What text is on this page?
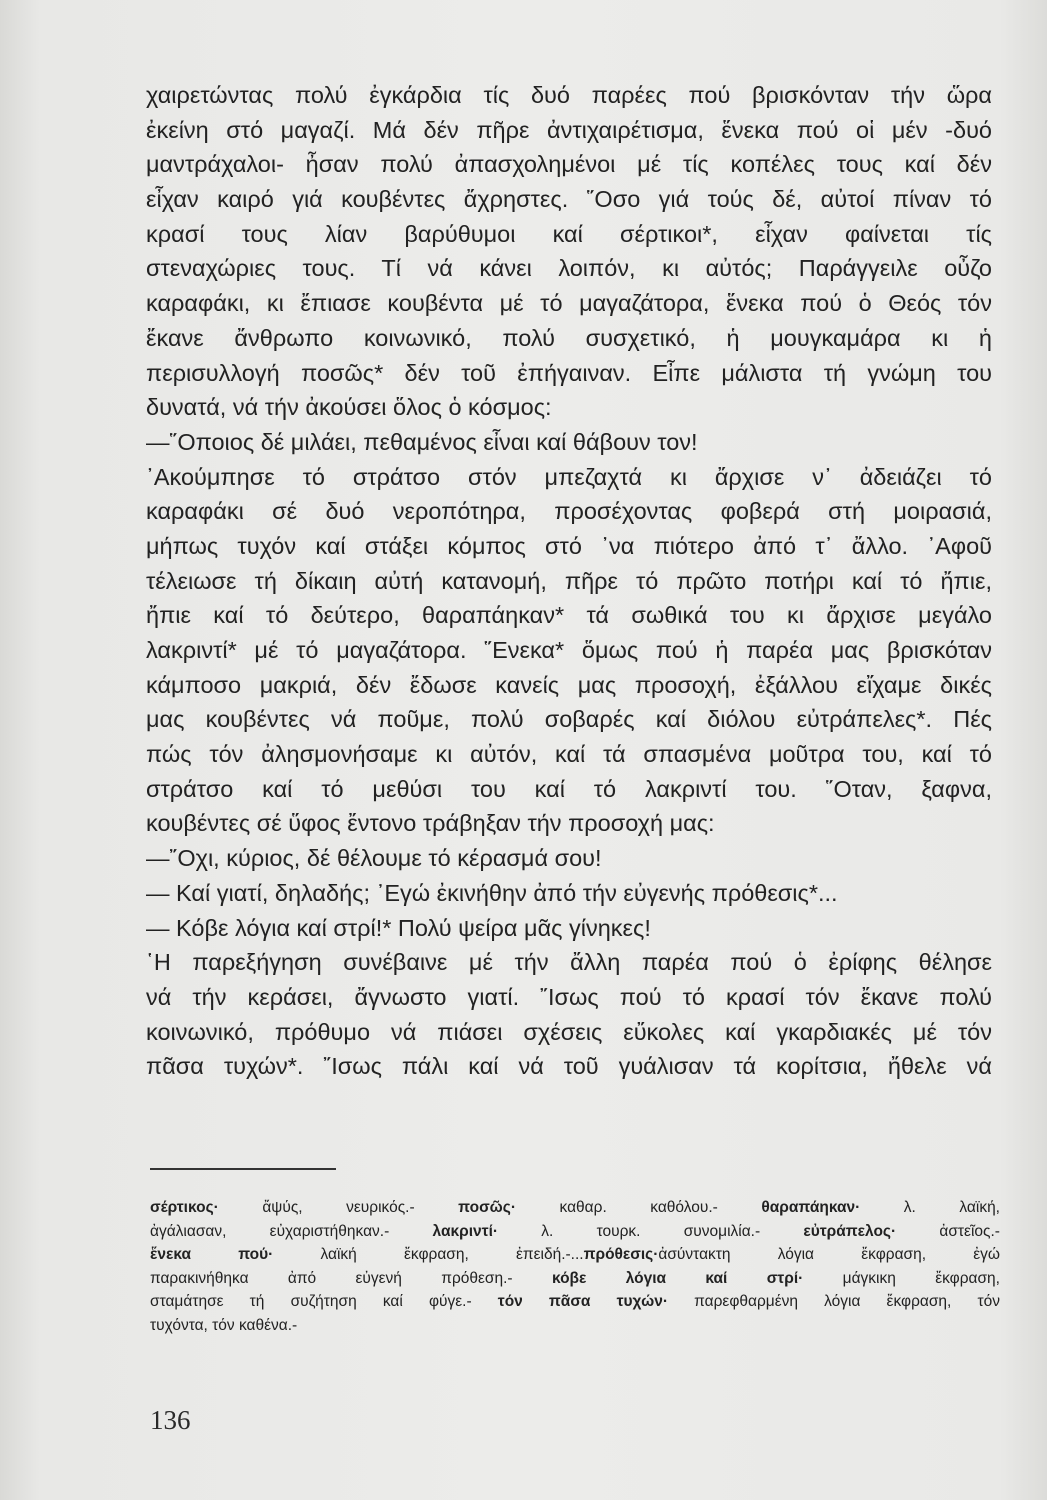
χαιρετώντας πολύ ἐγκάρδια τίς δυό παρέες πού βρισκόνταν τήν ὥρα
ἐκείνη στό μαγαζί. Μά δέν πῆρε ἀντιχαιρέτισμα, ἕνεκα πού οἱ μέν -δυό
μαντράχαλοι- ἦσαν πολύ ἀπασχολημένοι μέ τίς κοπέλες τους καί δέν
εἶχαν καιρό γιά κουβέντες ἄχρηστες. ῞Οσο γιά τούς δέ, αὐτοί πίναν τό
κρασί τους λίαν βαρύθυμοι καί σέρτικοι*, εἶχαν φαίνεται τίς
στεναχώριες τους. Τί νά κάνει λοιπόν, κι αὐτός; Παράγγειλε οὖζο
καραφάκι, κι ἔπιασε κουβέντα μέ τό μαγαζάτορα, ἕνεκα πού ὁ Θεός τόν
ἔκανε ἄνθρωπο κοινωνικό, πολύ συσχετικό, ἡ μουγκαμάρα κι ἡ
περισυλλογή ποσῶς* δέν τοῦ ἐπήγαιναν. Εἶπε μάλιστα τή γνώμη του
δυνατά, νά τήν ἀκούσει ὅλος ὁ κόσμος:
—῞Οποιος δέ μιλάει, πεθαμένος εἶναι καί θάβουν τον!
᾿Ακούμπησε τό στράτσο στόν μπεζαχτά κι ἄρχισε ν᾿ ἀδειάζει τό
καραφάκι σέ δυό νεροπότηρα, προσέχοντας φοβερά στή μοιρασιά,
μήπως τυχόν καί στάξει κόμπος στό ᾿να πιότερο ἀπό τ᾿ ἄλλο. ᾿Αφοῦ
τέλειωσε τή δίκαιη αὐτή κατανομή, πῆρε τό πρῶτο ποτήρι καί τό ἤπιε,
ἤπιε καί τό δεύτερο, θαραπάηκαν* τά σωθικά του κι ἄρχισε μεγάλο
λακριντί* μέ τό μαγαζάτορα. ῞Ενεκα* ὅμως πού ἡ παρέα μας βρισκόταν
κάμποσο μακριά, δέν ἔδωσε κανείς μας προσοχή, ἐξάλλου εἴχαμε δικές
μας κουβέντες νά ποῦμε, πολύ σοβαρές καί διόλου εὐτράπελες*. Πές
πώς τόν ἀλησμονήσαμε κι αὐτόν, καί τά σπασμένα μοῦτρα του, καί τό
στράτσο καί τό μεθύσι του καί τό λακριντί του. ῞Οταν, ξαφνα,
κουβέντες σέ ὕφος ἔντονο τράβηξαν τήν προσοχή μας:
—῎Οχι, κύριος, δέ θέλουμε τό κέρασμά σου!
— Καί γιατί, δηλαδής; ᾿Εγώ ἐκινήθην ἀπό τήν εὐγενής πρόθεσις*...
— Κόβε λόγια καί στρί!* Πολύ ψείρα μᾶς γίνηκες!
῾Η παρεξήγηση συνέβαινε μέ τήν ἄλλη παρέα πού ὁ ἐρίφης θέλησε
νά τήν κεράσει, ἄγνωστο γιατί. ῎Ισως πού τό κρασί τόν ἔκανε πολύ
κοινωνικό, πρόθυμο νά πιάσει σχέσεις εὔκολες καί γκαρδιακές μέ τόν
πᾶσα τυχών*. ῎Ισως πάλι καί νά τοῦ γυάλισαν τά κορίτσια, ἤθελε νά
σέρτικος· ἄψύς, νευρικός.- ποσῶς· καθαρ. καθόλου.- θαραπάηκαν· λ. λαϊκή,
ἀγάλιασαν, εὐχαριστήθηκαν.- λακριντί· λ. τουρκ. συνομιλία.- εὐτράπελος· ἀστεῖος.-
ἕνεκα πού· λαϊκή ἔκφραση, ἐπειδή.-...πρόθεσις·ἀσύντακτη λόγια ἔκφραση, ἐγώ
παρακινήθηκα ἀπό εὐγενή πρόθεση.- κόβε λόγια καί στρί· μάγκικη ἔκφραση,
σταμάτησε τή συζήτηση καί φύγε.- τόν πᾶσα τυχών· παρεφθαρμένη λόγια ἔκφραση, τόν
τυχόντα, τόν καθένα.-
136
